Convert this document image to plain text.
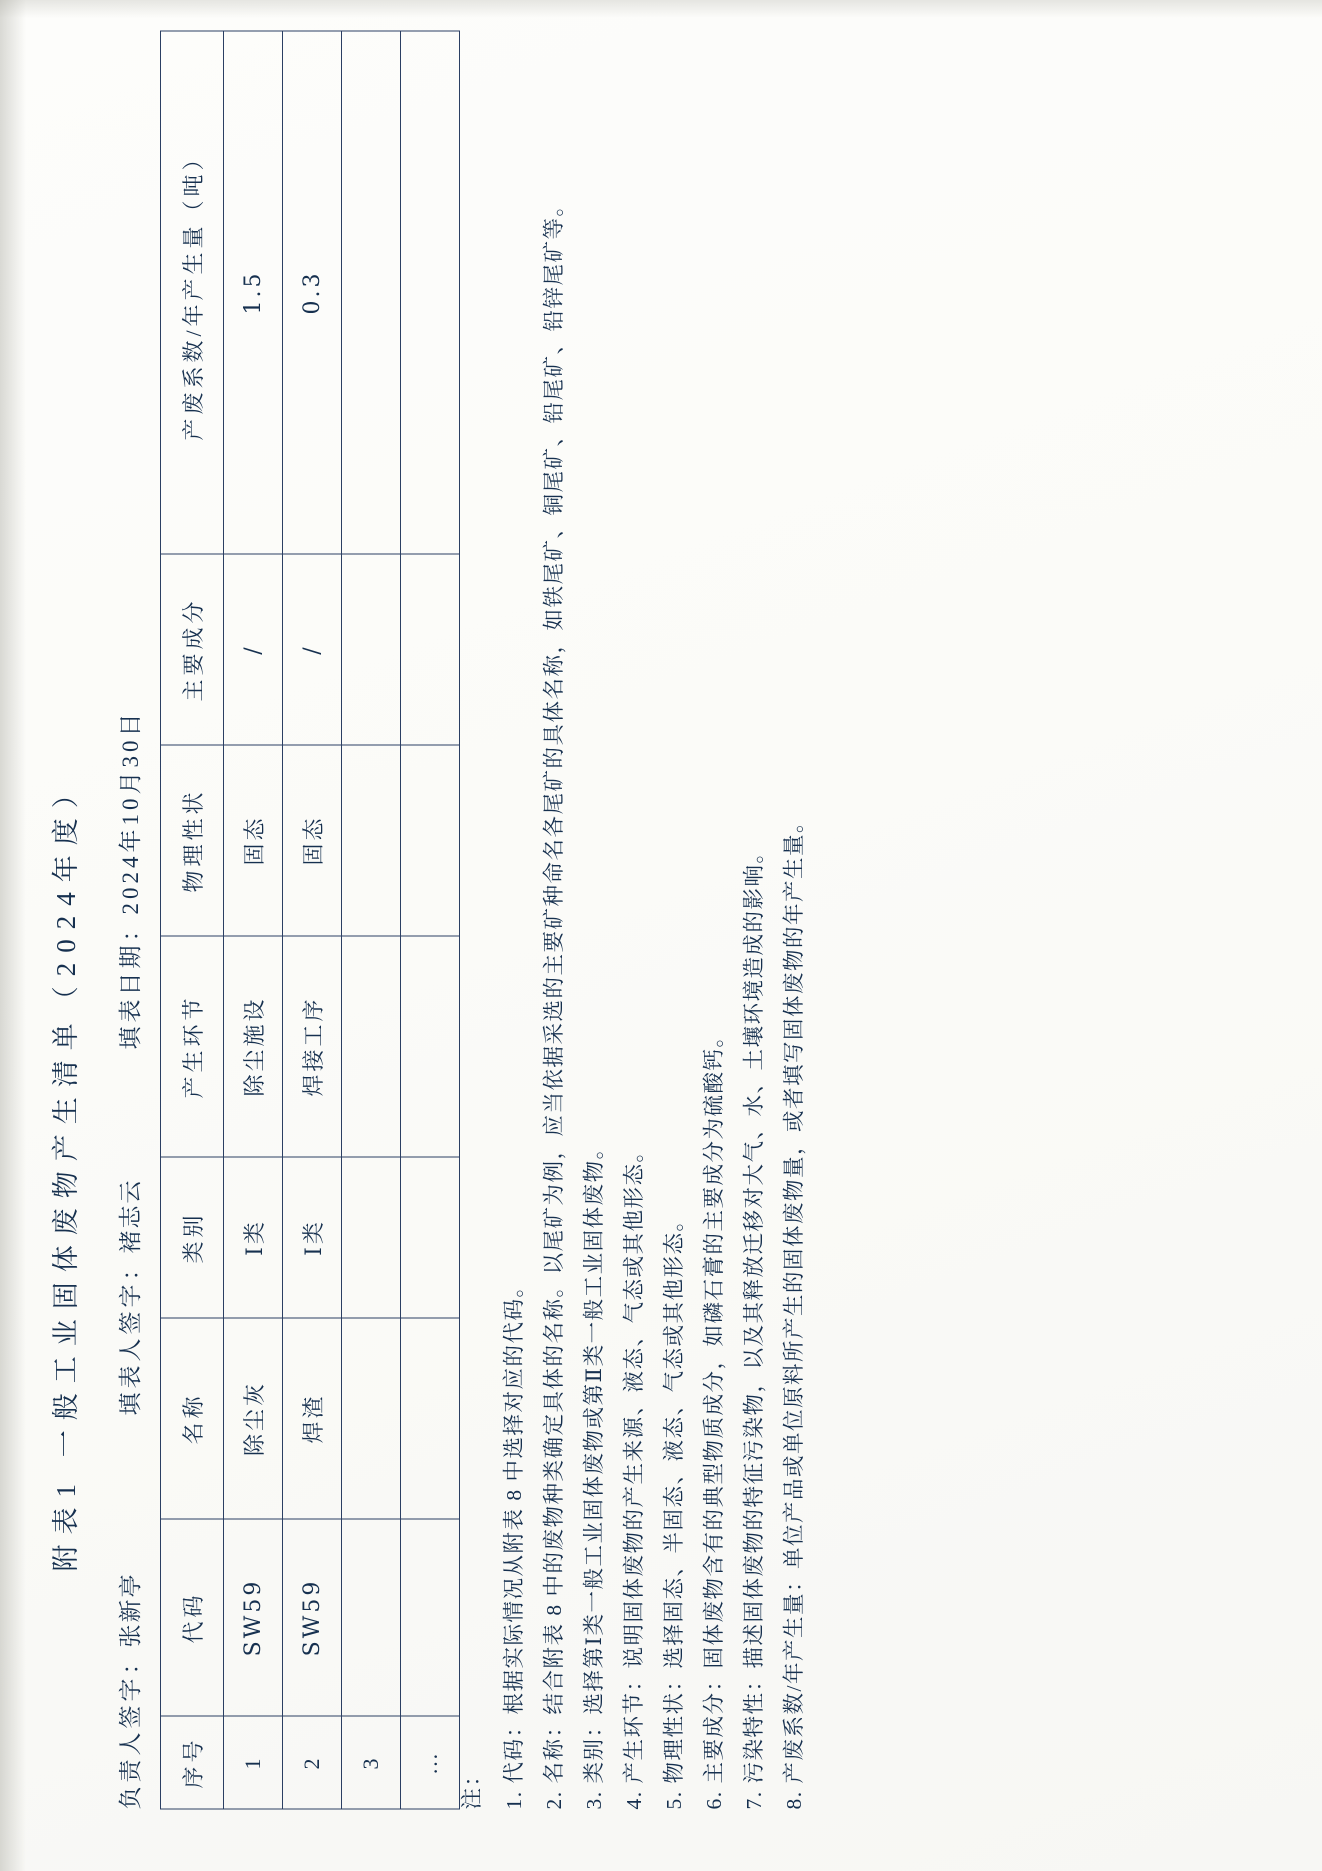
附表1 一般工业固体废物产生清单（2024年度）
负责人签字：张新亭
填表人签字：褚志云
填表日期：2024年10月30日
序号	代码	名称	类别	产生环节	物理性状	主要成分	产废系数/年产生量（吨）
1	SW59	除尘灰	Ⅰ类	除尘施设	固态	/	1.5
2	SW59	焊渣	Ⅰ类	焊接工序	固态	/	0.3
3							
…							

注： 1. 代码：根据实际情况从附表 8 中选择对应的代码。 2. 名称：结合附表 8 中的废物种类确定具体的名称。以尾矿为例，应当依据采选的主要矿种命名各尾矿的具体名称，如铁尾矿、铜尾矿、铅尾矿、铅锌尾矿等。 3. 类别：选择第Ⅰ类一般工业固体废物或第Ⅱ类一般工业固体废物。 4. 产生环节：说明固体废物的产生来源、液态、气态或其他形态。 5. 物理性状：选择固态、半固态、液态、气态或其他形态。 6. 主要成分：固体废物含有的典型物质成分，如磷石膏的主要成分为硫酸钙。 7. 污染特性：描述固体废物的特征污染物，以及其释放迁移对大气、水、土壤环境造成的影响。 8. 产废系数/年产生量：单位产品或单位原料所产生的固体废物量，或者填写固体废物的年产生量。
